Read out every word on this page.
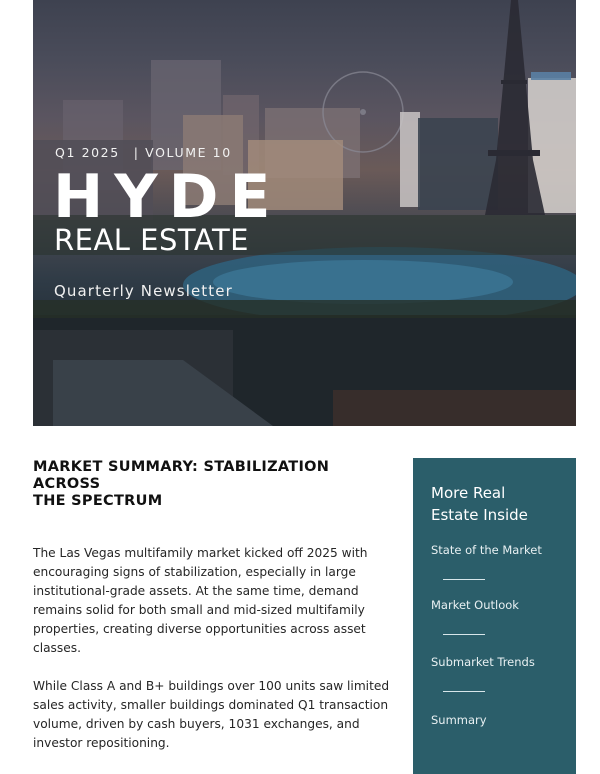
Q1 2025 | VOLUME 10
HYDE
REAL ESTATE
Quarterly Newsletter
MARKET SUMMARY: STABILIZATION ACROSS
THE SPECTRUM

The Las Vegas multifamily market kicked off 2025 with encouraging signs of stabilization, especially in large institutional-grade assets. At the same time, demand remains solid for both small and mid-sized multifamily properties, creating diverse opportunities across asset classes.

While Class A and B+ buildings over 100 units saw limited sales activity, smaller buildings dominated Q1 transaction volume, driven by cash buyers, 1031 exchanges, and investor repositioning.

More Real
Estate Inside
State of the Market
Market Outlook
Submarket Trends
Summary
